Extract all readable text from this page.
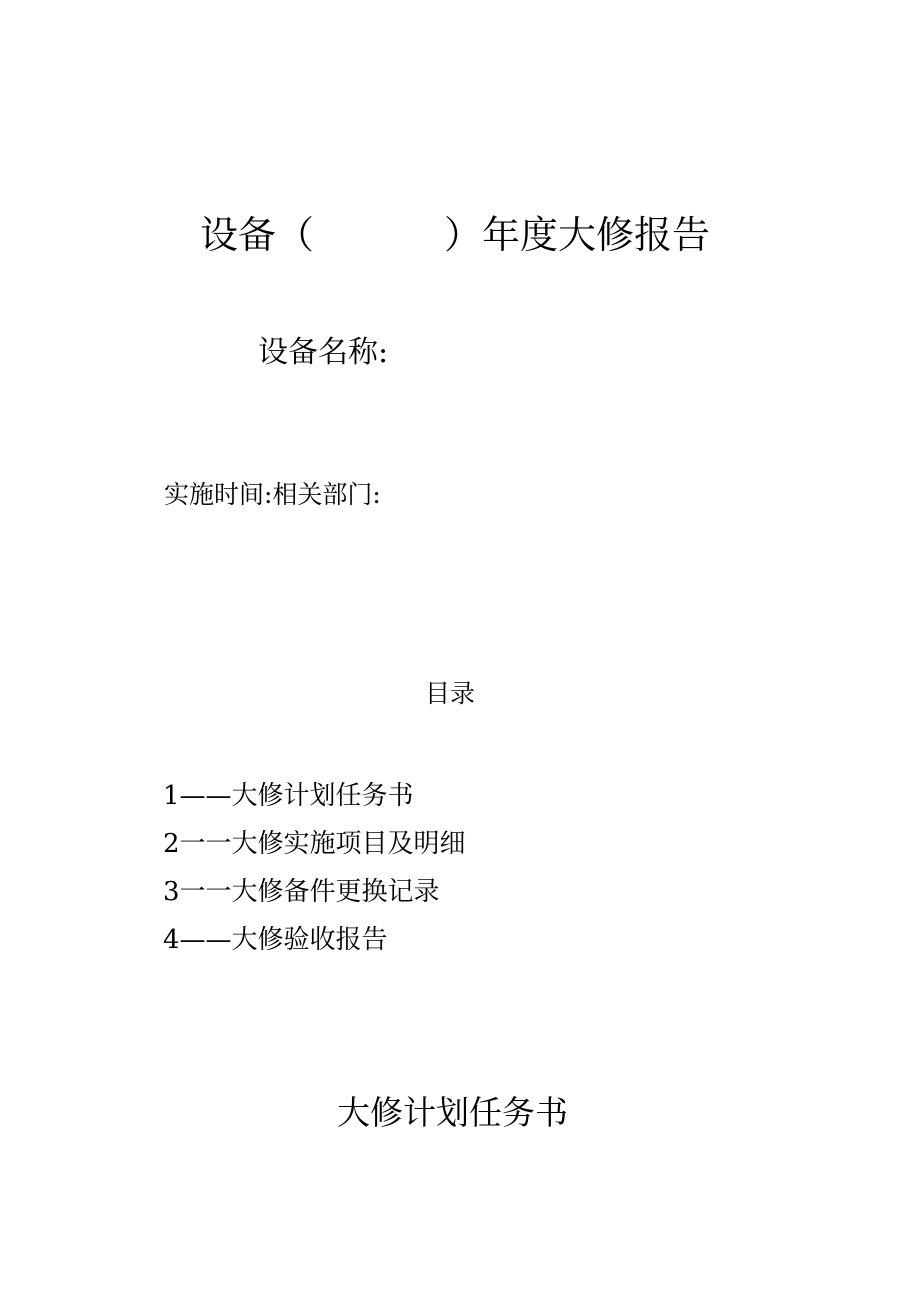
设备（	）年度大修报告
设备名称:
实施时间:相关部门:
目录
1——大修计划任务书
2一一大修实施项目及明细
3一一大修备件更换记录
4——大修验收报告
大修计划任务书
